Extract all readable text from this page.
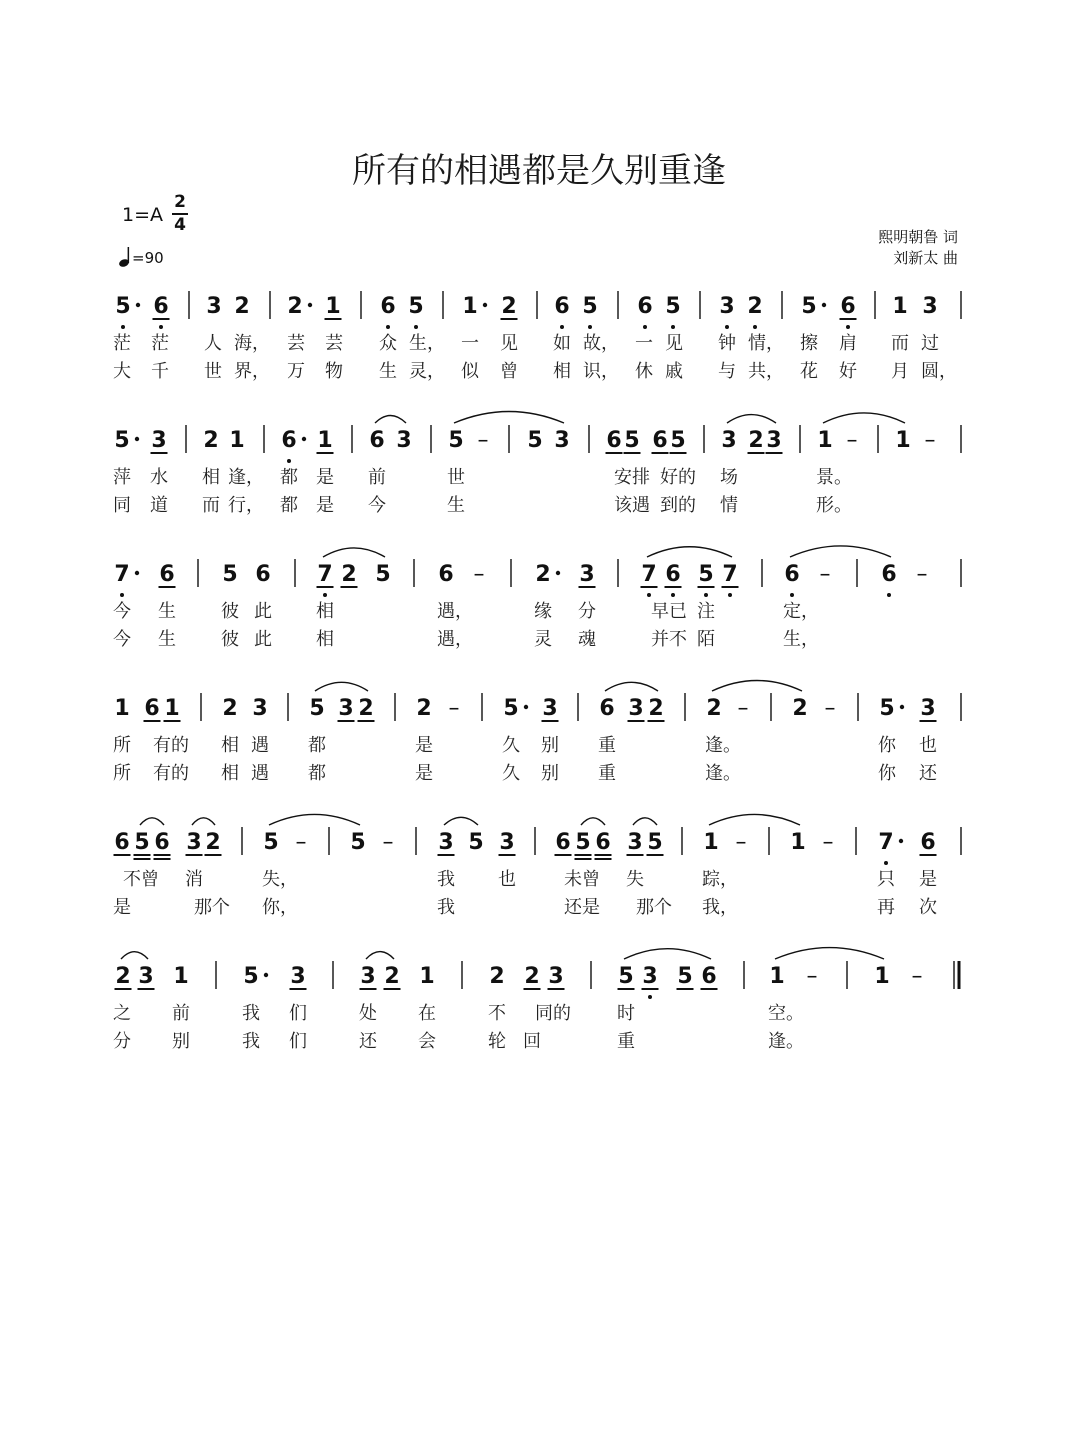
所有的相遇都是久别重逢
1=A
2
4
=90
熙明朝鲁 词
刘新太 曲
5 6 3 2 2 1 6 5 1 2 6 5 6 5 3 2 5 6 1 3
茫 茫 人 海， 芸 芸 众 生， 一 见 如 故， 一 见 钟 情， 擦 肩 而 过
大 千 世 界， 万 物 生 灵， 似 曾 相 识， 休 戚 与 共， 花 好 月 圆，
5 3 2 1 6 1 6 3 5 – 5 3 6 5 6 5 3 2 3 1 – 1 –
萍 水 相 逢， 都 是 前	世	安排 好的 场	景。
同 道 而 行， 都 是 今	生	该遇 到的 情	形。
7 6 5 6 7 2 5 6 – 2 3 7 6 5 7 6 – 6 –
今 生	彼 此 相	遇，	缘 分	早已 注	定，
今 生	彼 此 相	遇，	灵 魂	并不 陌	生，
1 6 1 2 3 5 3 2 2 – 5 3 6 3 2 2 – 2 – 5 3
所 有的 相 遇 都	是	久 别 重	逢。	你 也
所 有的 相 遇 都	是	久 别 重	逢。	你 还
6 5 6 3 2 5 – 5 – 3 5 3 6 5 6 3 5 1 – 1 – 7 6
不曾 消	失，	我 也	未曾 失	踪，	只 是
是	那个 你，	我	还是 那个 我，	再 次
2 3 1 5 3 3 2 1 2 2 3 5 3 5 6 1 –	1 –
之 前	我 们	处 在	不 同的	时	空。
分 别	我 们	还 会	轮 回	重	逢。
